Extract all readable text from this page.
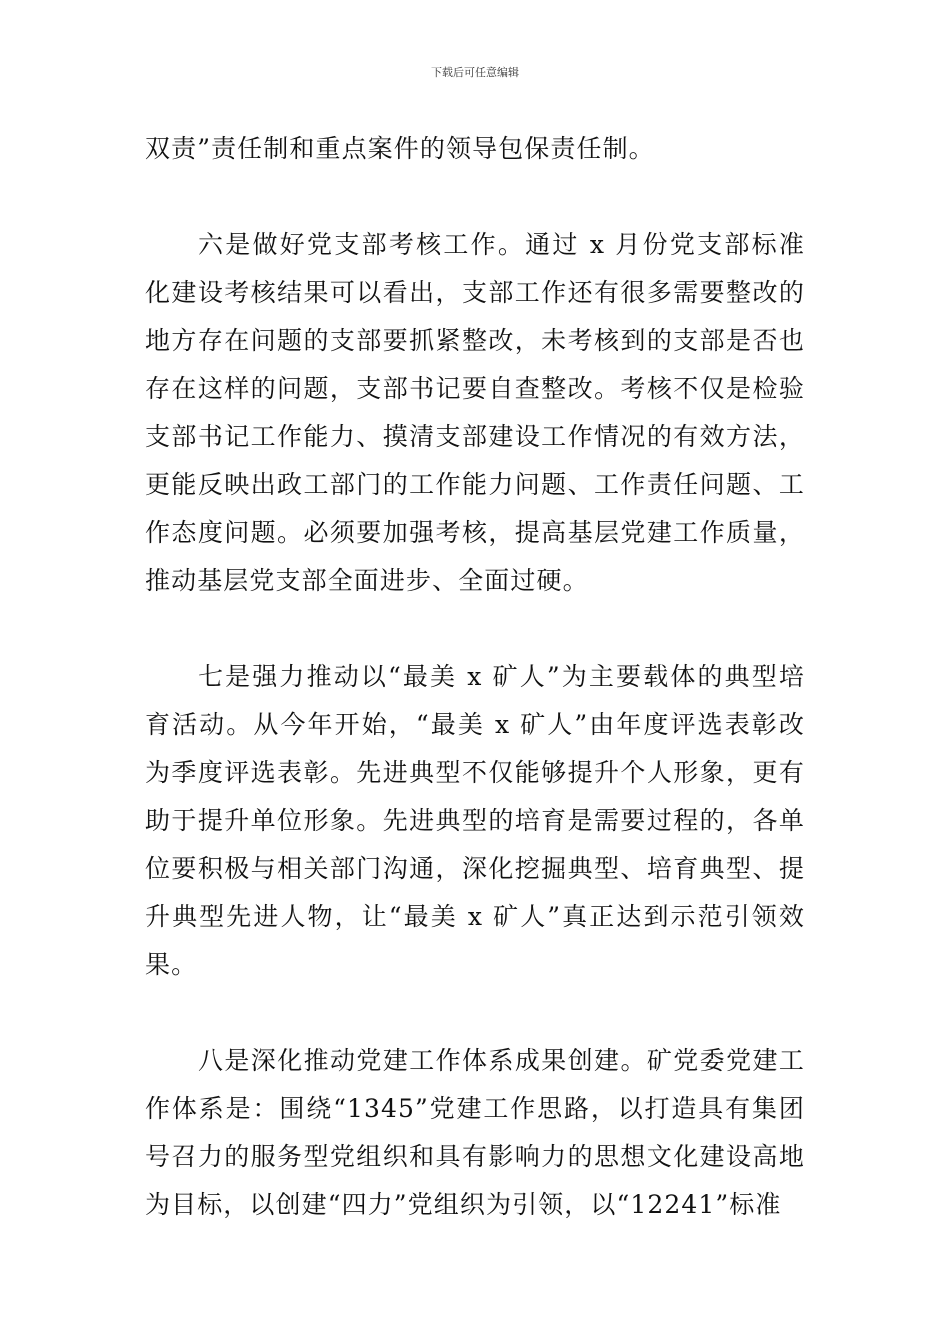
下载后可任意编辑

双责”责任制和重点案件的领导包保责任制。

六是做好党支部考核工作。通过 x 月份党支部标准化建设考核结果可以看出，支部工作还有很多需要整改的地方存在问题的支部要抓紧整改，未考核到的支部是否也存在这样的问题，支部书记要自查整改。考核不仅是检验支部书记工作能力、摸清支部建设工作情况的有效方法，更能反映出政工部门的工作能力问题、工作责任问题、工作态度问题。必须要加强考核，提高基层党建工作质量，推动基层党支部全面进步、全面过硬。

七是强力推动以“最美 x 矿人”为主要载体的典型培育活动。从今年开始，“最美 x 矿人”由年度评选表彰改为季度评选表彰。先进典型不仅能够提升个人形象，更有助于提升单位形象。先进典型的培育是需要过程的，各单位要积极与相关部门沟通，深化挖掘典型、培育典型、提升典型先进人物，让“最美 x 矿人”真正达到示范引领效果。

八是深化推动党建工作体系成果创建。矿党委党建工作体系是：围绕“1345”党建工作思路，以打造具有集团号召力的服务型党组织和具有影响力的思想文化建设高地为目标，以创建“四力”党组织为引领，以“12241”标准
